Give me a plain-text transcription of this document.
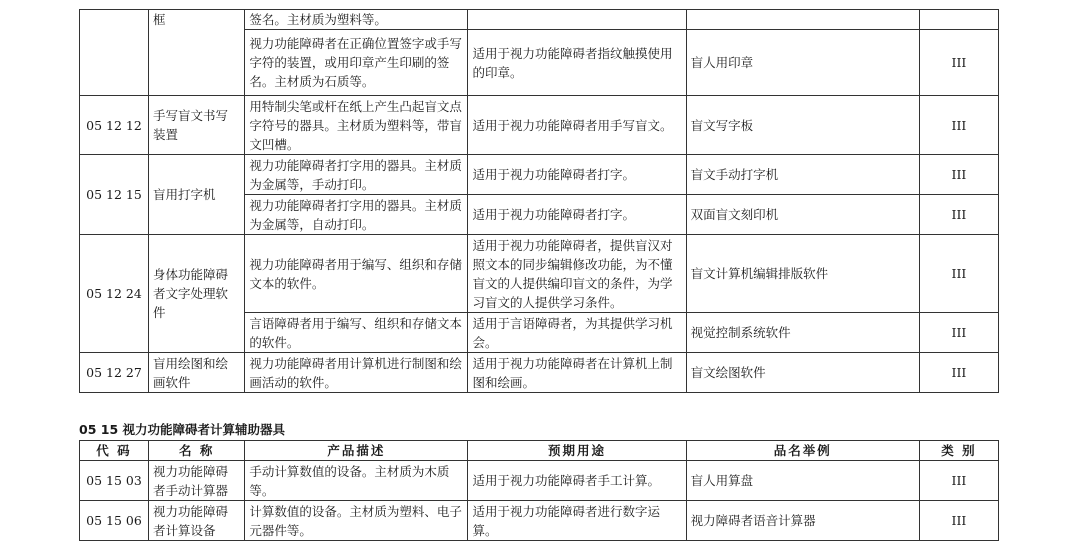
	框	签名。主材质为塑料等。			
		视力功能障碍者在正确位置签字或手写字符的装置，或用印章产生印刷的签名。主材质为石质等。	适用于视力功能障碍者指纹触摸使用的印章。	盲人用印章	III
05 12 12	手写盲文书写装置	用特制尖笔或杆在纸上产生凸起盲文点字符号的器具。主材质为塑料等，带盲文凹槽。	适用于视力功能障碍者用手写盲文。	盲文写字板	III
05 12 15	盲用打字机	视力功能障碍者打字用的器具。主材质为金属等，手动打印。	适用于视力功能障碍者打字。	盲文手动打字机	III
		视力功能障碍者打字用的器具。主材质为金属等，自动打印。	适用于视力功能障碍者打字。	双面盲文刻印机	III
05 12 24	身体功能障碍者文字处理软件	视力功能障碍者用于编写、组织和存储文本的软件。	适用于视力功能障碍者，提供盲汉对照文本的同步编辑修改功能，为不懂盲文的人提供编印盲文的条件，为学习盲文的人提供学习条件。	盲文计算机编辑排版软件	III
		言语障碍者用于编写、组织和存储文本的软件。	适用于言语障碍者，为其提供学习机会。	视觉控制系统软件	III
05 12 27	盲用绘图和绘画软件	视力功能障碍者用计算机进行制图和绘画活动的软件。	适用于视力功能障碍者在计算机上制图和绘画。	盲文绘图软件	III
05 15 视力功能障碍者计算辅助器具
代 码	名 称	产品描述	预期用途	品名举例	类 别
05 15 03	视力功能障碍者手动计算器	手动计算数值的设备。主材质为木质等。	适用于视力功能障碍者手工计算。	盲人用算盘	III
05 15 06	视力功能障碍者计算设备	计算数值的设备。主材质为塑料、电子元器件等。	适用于视力功能障碍者进行数字运算。	视力障碍者语音计算器	III
